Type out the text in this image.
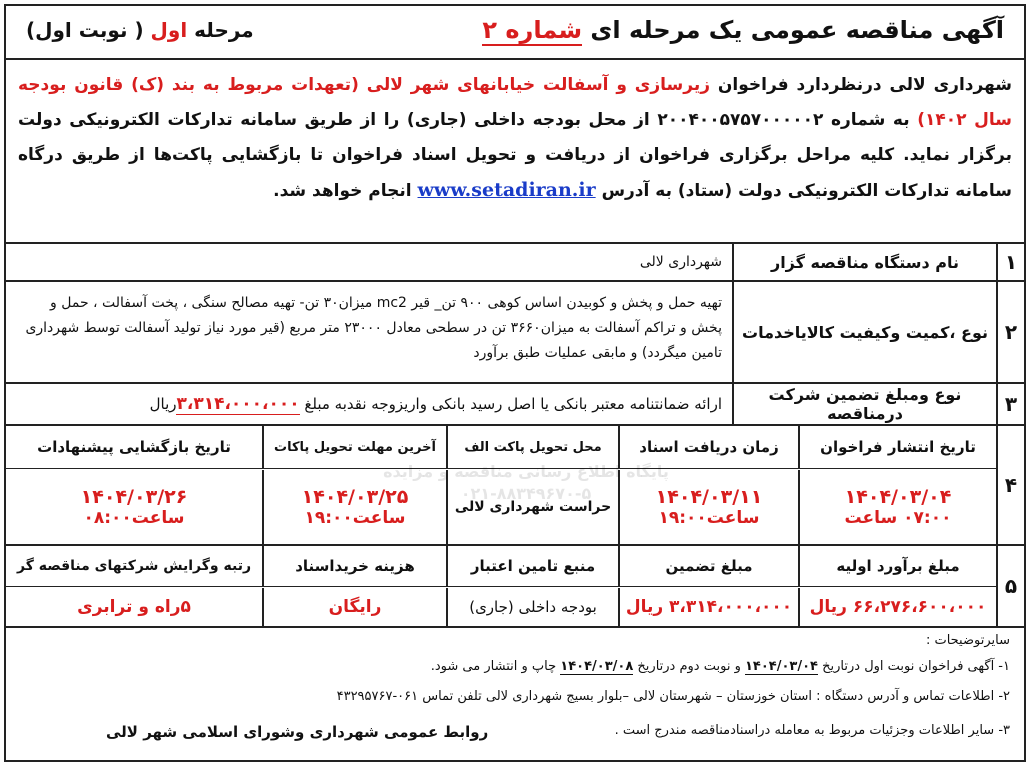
آگهی مناقصه عمومی یک مرحله ای شماره ۲
مرحله اول ( نوبت اول)
شهرداری لالی درنظردارد فراخوان زیرسازی و آسفالت خیابانهای شهر لالی (تعهدات مربوط به بند (ک) قانون بودجه سال ۱۴۰۲) به شماره ۲۰۰۴۰۰۵۷۵۷۰۰۰۰۰۲ از محل بودجه داخلی (جاری) را از طریق سامانه تدارکات الکترونیکی دولت برگزار نماید. کلیه مراحل برگزاری فراخوان از دریافت و تحویل اسناد فراخوان تا بازگشایی پاکت‌ها از طریق درگاه سامانه تدارکات الکترونیکی دولت (ستاد) به آدرس www.setadiran.ir انجام خواهد شد.
۱
نام دستگاه مناقصه گزار
شهرداری لالی
۲
نوع ،کمیت وکیفیت کالاياخدمات
تهیه حمل و پخش و کوبیدن اساس کوهی ۹۰۰ تن_ قیر mc2 میزان۳۰ تن- تهیه مصالح سنگی ، پخت آسفالت ، حمل و پخش و تراکم آسفالت به میزان۳۶۶۰ تن در سطحی معادل ۲۳۰۰۰ متر مربع (قیر مورد نیاز تولید آسفالت توسط شهرداری تامین میگردد) و مابقی عملیات طبق برآورد
۳
نوع ومبلغ تضمین شرکت درمناقصه
ارائه ضمانتنامه معتبر بانکی یا اصل رسید بانکی واریزوجه نقدبه مبلغ ۳،۳۱۴،۰۰۰،۰۰۰ریال
۴
تاریخ انتشار فراخوان
۱۴۰۴/۰۳/۰۴
۰۷:۰۰ ساعت
زمان دریافت اسناد
۱۴۰۴/۰۳/۱۱
ساعت۱۹:۰۰
محل تحویل پاکت الف
حراست شهرداری لالی
آخرین مهلت تحویل پاکات
۱۴۰۴/۰۳/۲۵
ساعت۱۹:۰۰
تاریخ بازگشایی پیشنهادات
۱۴۰۴/۰۳/۲۶
ساعت۰۸:۰۰
۵
مبلغ برآورد اولیه
۶۶،۲۷۶،۶۰۰،۰۰۰ ریال
مبلغ تضمین
۳،۳۱۴،۰۰۰،۰۰۰ ریال
منبع تامین اعتبار
بودجه داخلی (جاری)
هزینه خریداسناد
رایگان
رتبه وگرایش شرکتهای مناقصه گر
۵راه و ترابری
پایگاه اطلاع رسانی مناقصه و مزایده
۰۲۱-۸۸۳۴۹۶۷۰-۵
سایرتوضیحات :
۱- آگهی فراخوان نوبت اول درتاریخ ۱۴۰۴/۰۳/۰۴ و نوبت دوم درتاریخ ۱۴۰۴/۰۳/۰۸ چاپ و انتشار می شود.
۲- اطلاعات تماس و آدرس دستگاه : استان خوزستان – شهرستان لالی –بلوار بسیج شهرداری لالی تلفن تماس ۰۶۱-۴۳۲۹۵۷۶۷
۳- سایر اطلاعات وجزئیات مربوط به معامله دراسنادمناقصه مندرج است .
روابط عمومی شهرداری وشورای اسلامی شهر لالی
